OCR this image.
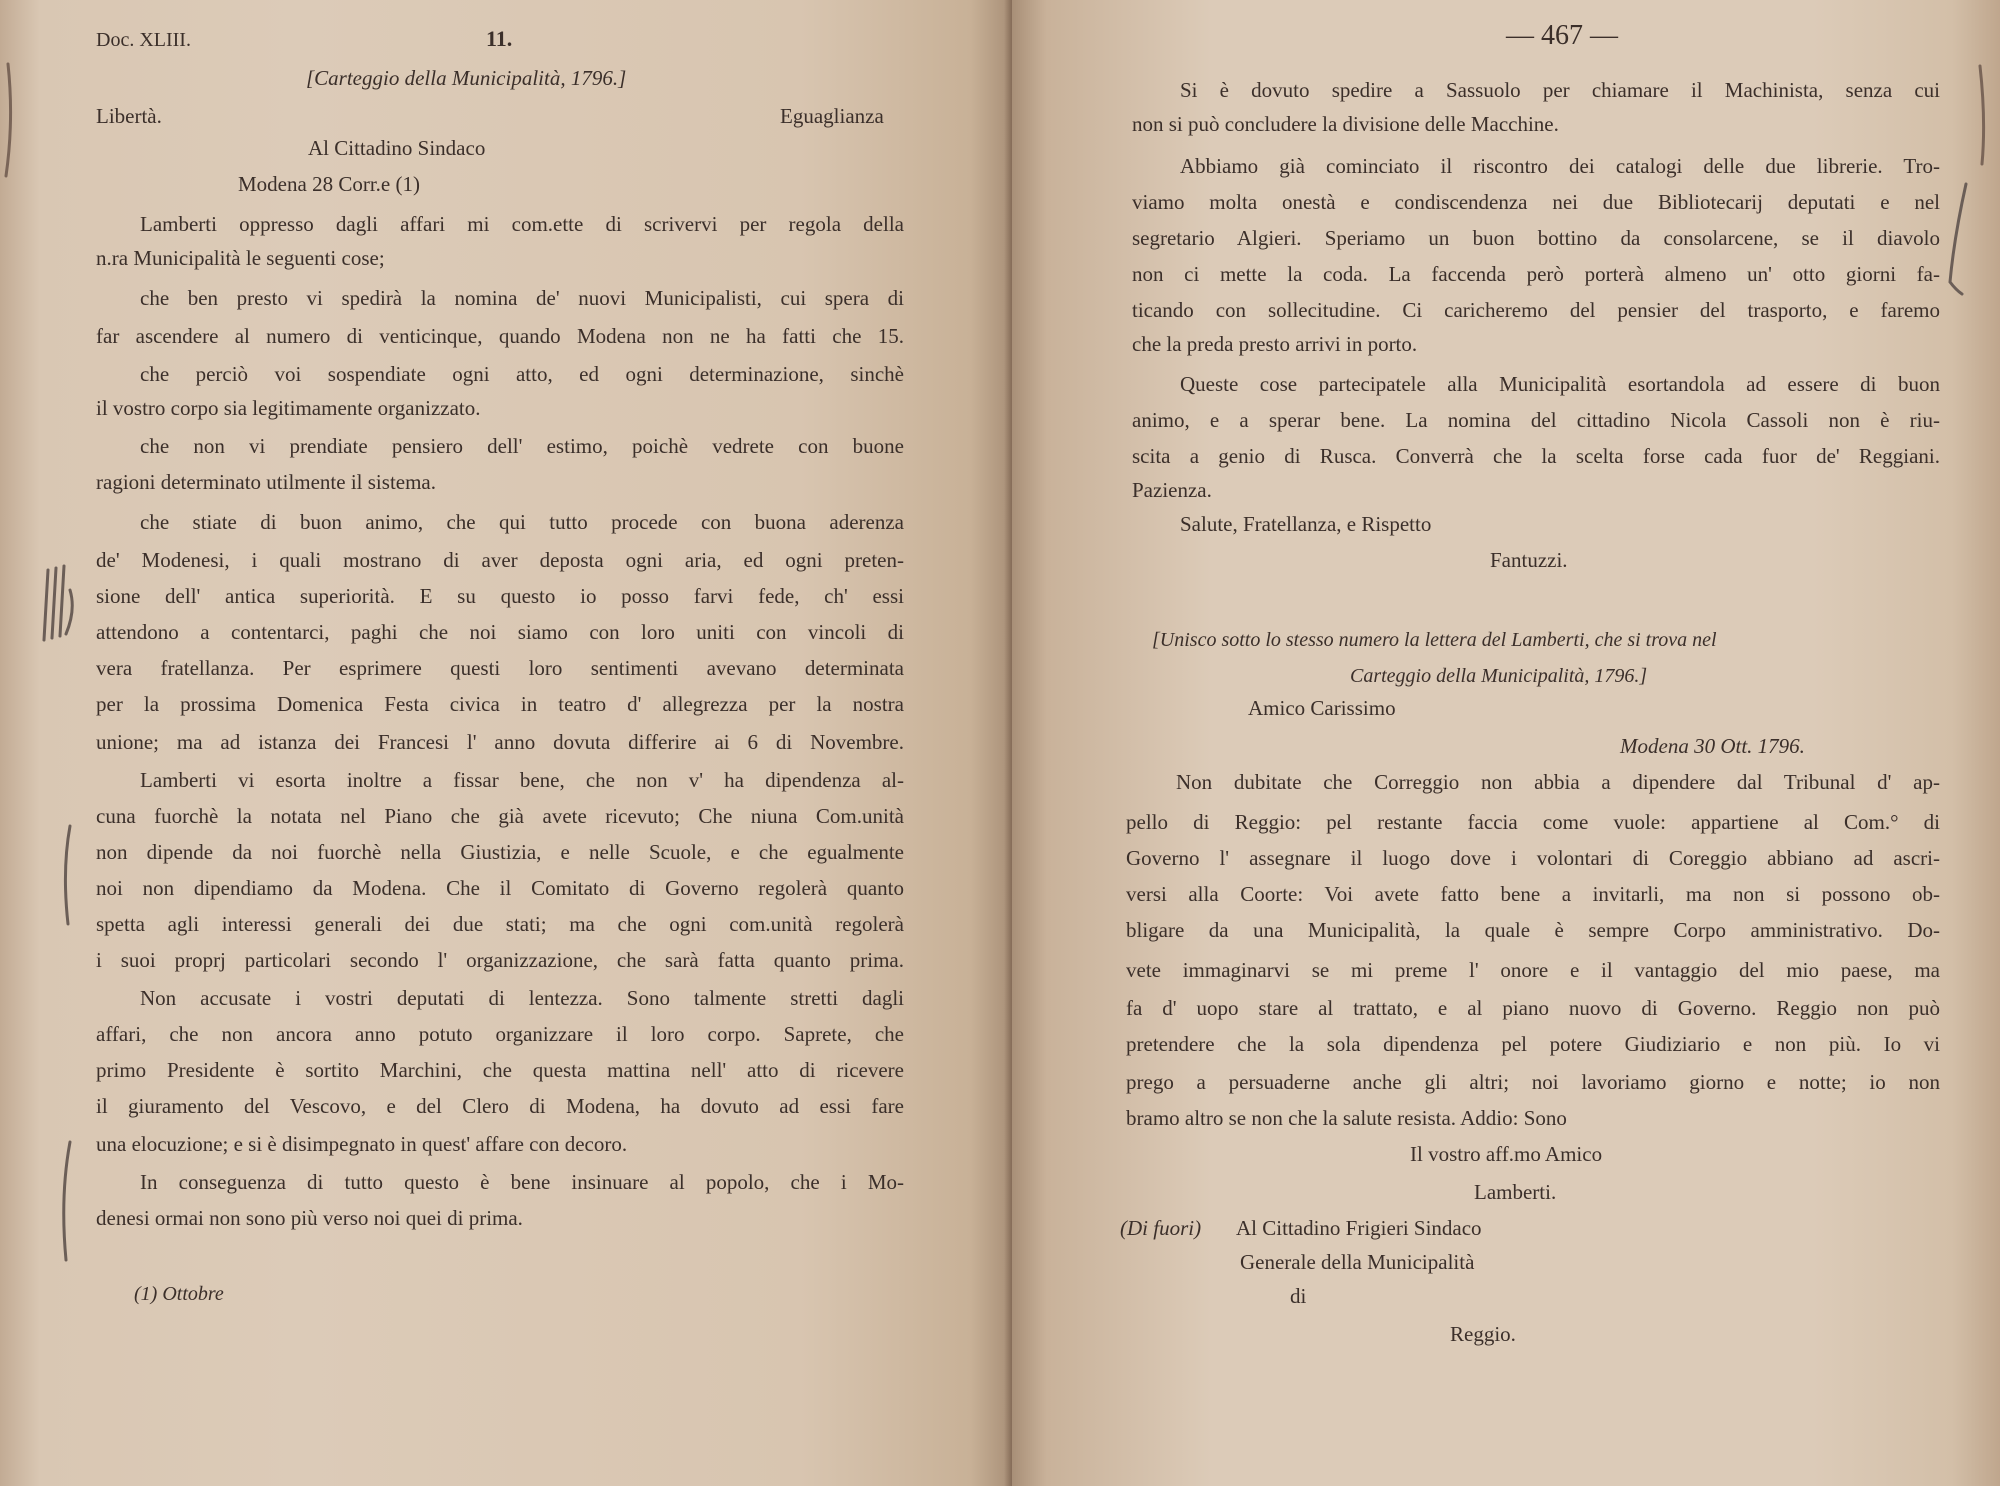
Doc. XLIII.	11.
[Carteggio della Municipalità, 1796.]
Libertà.	Eguaglianza
Al Cittadino Sindaco
Modena 28 Corr.e (1)
Lamberti oppresso dagli affari mi com.ette di scrivervi per regola della
n.ra Municipalità le seguenti cose;
che ben presto vi spedirà la nomina de' nuovi Municipalisti, cui spera di
far ascendere al numero di venticinque, quando Modena non ne ha fatti che 15.
che perciò voi sospendiate ogni atto, ed ogni determinazione, sinchè
il vostro corpo sia legitimamente organizzato.
che non vi prendiate pensiero dell' estimo, poichè vedrete con buone
ragioni determinato utilmente il sistema.
che stiate di buon animo, che qui tutto procede con buona aderenza
de' Modenesi, i quali mostrano di aver deposta ogni aria, ed ogni preten-
sione dell' antica superiorità. E su questo io posso farvi fede, ch' essi
attendono a contentarci, paghi che noi siamo con loro uniti con vincoli di
vera fratellanza. Per esprimere questi loro sentimenti avevano determinata
per la prossima Domenica Festa civica in teatro d' allegrezza per la nostra
unione; ma ad istanza dei Francesi l' anno dovuta differire ai 6 di Novembre.
Lamberti vi esorta inoltre a fissar bene, che non v' ha dipendenza al-
cuna fuorchè la notata nel Piano che già avete ricevuto; Che niuna Com.unità
non dipende da noi fuorchè nella Giustizia, e nelle Scuole, e che egualmente
noi non dipendiamo da Modena. Che il Comitato di Governo regolerà quanto
spetta agli interessi generali dei due stati; ma che ogni com.unità regolerà
i suoi proprj particolari secondo l' organizzazione, che sarà fatta quanto prima.
Non accusate i vostri deputati di lentezza. Sono talmente stretti dagli
affari, che non ancora anno potuto organizzare il loro corpo. Saprete, che
primo Presidente è sortito Marchini, che questa mattina nell' atto di ricevere
il giuramento del Vescovo, e del Clero di Modena, ha dovuto ad essi fare
una elocuzione; e si è disimpegnato in quest' affare con decoro.
In conseguenza di tutto questo è bene insinuare al popolo, che i Mo-
denesi ormai non sono più verso noi quei di prima.
(1) Ottobre
— 467 —
Si è dovuto spedire a Sassuolo per chiamare il Machinista, senza cui
non si può concludere la divisione delle Macchine.
Abbiamo già cominciato il riscontro dei catalogi delle due librerie. Tro-
viamo molta onestà e condiscendenza nei due Bibliotecarij deputati e nel
segretario Algieri. Speriamo un buon bottino da consolarcene, se il diavolo
non ci mette la coda. La faccenda però porterà almeno un' otto giorni fa-
ticando con sollecitudine. Ci caricheremo del pensier del trasporto, e faremo
che la preda presto arrivi in porto.
Queste cose partecipatele alla Municipalità esortandola ad essere di buon
animo, e a sperar bene. La nomina del cittadino Nicola Cassoli non è riu-
scita a genio di Rusca. Converrà che la scelta forse cada fuor de' Reggiani.
Pazienza.
Salute, Fratellanza, e Rispetto
Fantuzzi.
[Unisco sotto lo stesso numero la lettera del Lamberti, che si trova nel
Carteggio della Municipalità, 1796.]
Amico Carissimo
Modena 30 Ott. 1796.
Non dubitate che Correggio non abbia a dipendere dal Tribunal d' ap-
pello di Reggio: pel restante faccia come vuole: appartiene al Com.° di
Governo l' assegnare il luogo dove i volontari di Coreggio abbiano ad ascri-
versi alla Coorte: Voi avete fatto bene a invitarli, ma non si possono ob-
bligare da una Municipalità, la quale è sempre Corpo amministrativo. Do-
vete immaginarvi se mi preme l' onore e il vantaggio del mio paese, ma
fa d' uopo stare al trattato, e al piano nuovo di Governo. Reggio non può
pretendere che la sola dipendenza pel potere Giudiziario e non più. Io vi
prego a persuaderne anche gli altri; noi lavoriamo giorno e notte; io non
bramo altro se non che la salute resista. Addio: Sono
Il vostro aff.mo Amico
Lamberti.
(Di fuori) Al Cittadino Frigieri Sindaco
Generale della Municipalità
di
Reggio.
